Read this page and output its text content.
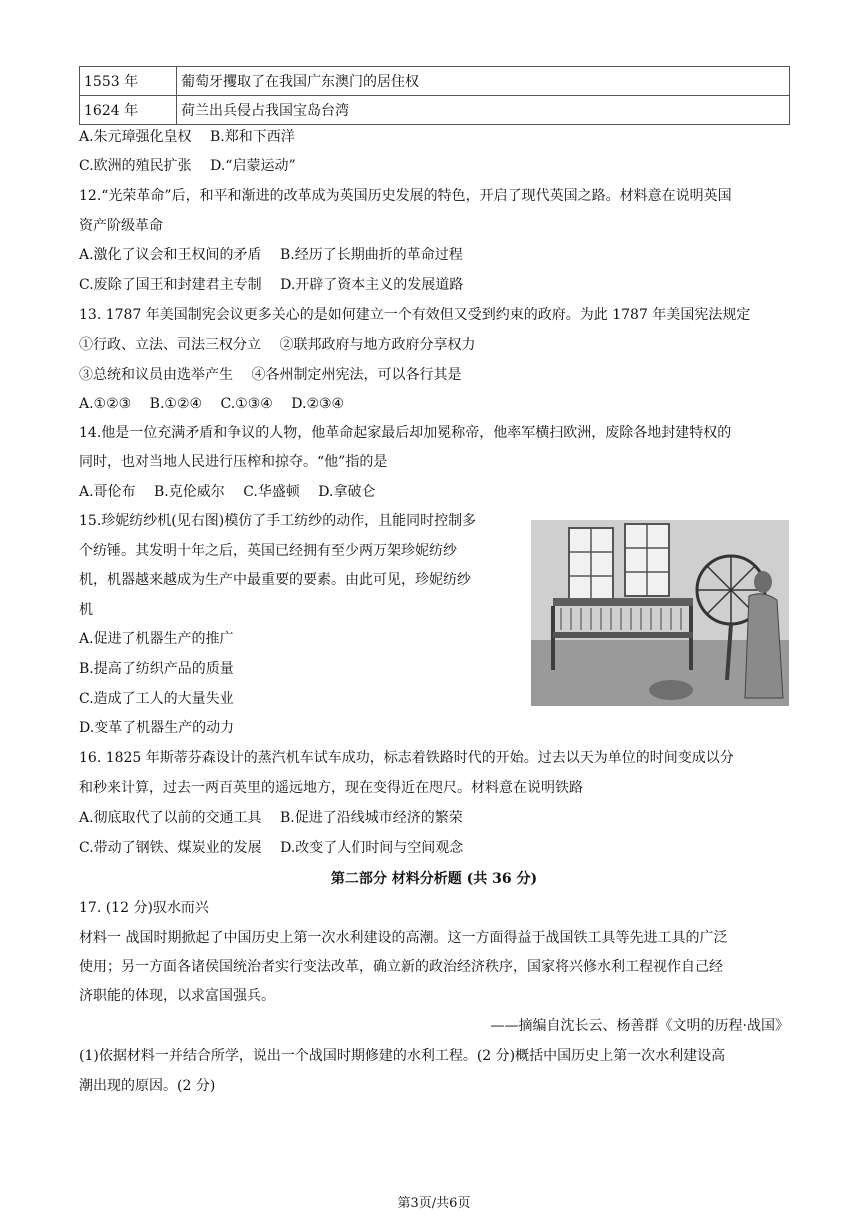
1553 年	葡萄牙攫取了在我国广东澳门的居住权
1624 年	荷兰出兵侵占我国宝岛台湾
A.朱元璋强化皇权　 B.郑和下西洋
C.欧洲的殖民扩张　 D.“启蒙运动”
12.“光荣革命”后，和平和渐进的改革成为英国历史发展的特色，开启了现代英国之路。材料意在说明英国
资产阶级革命
A.激化了议会和王权间的矛盾　 B.经历了长期曲折的革命过程
C.废除了国王和封建君主专制　 D.开辟了资本主义的发展道路
13. 1787 年美国制宪会议更多关心的是如何建立一个有效但又受到约束的政府。为此 1787 年美国宪法规定
①行政、立法、司法三权分立　 ②联邦政府与地方政府分享权力
③总统和议员由选举产生　 ④各州制定州宪法，可以各行其是
A.①②③　 B.①②④　 C.①③④　 D.②③④
14.他是一位充满矛盾和争议的人物，他革命起家最后却加冕称帝，他率军横扫欧洲，废除各地封建特权的
同时，也对当地人民进行压榨和掠夺。“他”指的是
A.哥伦布　 B.克伦威尔　 C.华盛顿　 D.拿破仑
15.珍妮纺纱机(见右图)模仿了手工纺纱的动作，且能同时控制多
个纺锤。其发明十年之后，英国已经拥有至少两万架珍妮纺纱
机，机器越来越成为生产中最重要的要素。由此可见，珍妮纺纱
机
A.促进了机器生产的推广
B.提高了纺织产品的质量
C.造成了工人的大量失业
D.变革了机器生产的动力
16. 1825 年斯蒂芬森设计的蒸汽机车试车成功，标志着铁路时代的开始。过去以天为单位的时间变成以分
和秒来计算，过去一两百英里的遥远地方，现在变得近在咫尺。材料意在说明铁路
A.彻底取代了以前的交通工具　 B.促进了沿线城市经济的繁荣
C.带动了钢铁、煤炭业的发展　 D.改变了人们时间与空间观念
第二部分 材料分析题 (共 36 分)
17. (12 分)驭水而兴
材料一 战国时期掀起了中国历史上第一次水利建设的高潮。这一方面得益于战国铁工具等先进工具的广泛
使用；另一方面各诸侯国统治者实行变法改革，确立新的政治经济秩序，国家将兴修水利工程视作自己经
济职能的体现，以求富国强兵。
——摘编自沈长云、杨善群《文明的历程·战国》
(1)依据材料一并结合所学，说出一个战国时期修建的水利工程。(2 分)概括中国历史上第一次水利建设高
潮出现的原因。(2 分)
第3页/共6页
